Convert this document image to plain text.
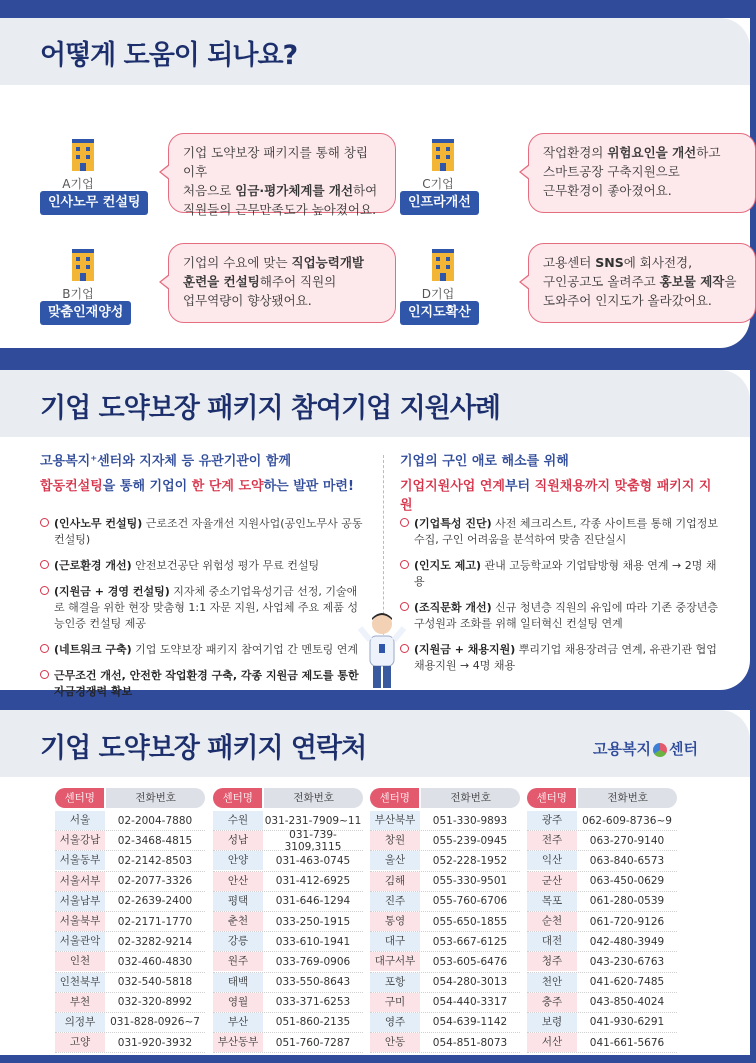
어떻게 도움이 되나요?
A기업
인사노무 컨설팅
기업 도약보장 패키지를 통해 창립 이후
처음으로 임금·평가체계를 개선하여
직원들의 근무만족도가 높아졌어요.
C기업
인프라개선
작업환경의 위험요인을 개선하고
스마트공장 구축지원으로
근무환경이 좋아졌어요.
B기업
맞춤인재양성
기업의 수요에 맞는 직업능력개발
훈련을 컨설팅해주어 직원의
업무역량이 향상됐어요.	D기업
인지도확산
고용센터 SNS에 회사전경,
구인공고도 올려주고 홍보물 제작을
도와주어 인지도가 올라갔어요.
기업 도약보장 패키지 참여기업 지원사례
고용복지⁺센터와 지자체 등 유관기관이 함께
합동컨설팅을 통해 기업이 한 단계 도약하는 발판 마련!
기업의 구인 애로 해소를 위해
기업지원사업 연계부터 직원채용까지 맞춤형 패키지 지원
(인사노무 컨설팅) 근로조건 자율개선 지원사업(공인노무사 공동 컨설팅)
(근로환경 개선) 안전보건공단 위험성 평가 무료 컨설팅
(지원금 + 경영 컨설팅) 지자체 중소기업육성기금 선정, 기술애로 해결을 위한 현장 맞춤형 1:1 자문 지원, 사업체 주요 제품 성능인증 컨설팅 제공
(네트워크 구축) 기업 도약보장 패키지 참여기업 간 멘토링 연계
근무조건 개선, 안전한 작업환경 구축, 각종 지원금 제도를 통한 자금경쟁력 확보
(기업특성 진단) 사전 체크리스트, 각종 사이트를 통해 기업정보 수집, 구인 어려움을 분석하여 맞춤 진단실시
(인지도 제고) 관내 고등학교와 기업탐방형 채용 연계 → 2명 채용
(조직문화 개선) 신규 청년층 직원의 유입에 따라 기존 중장년층 구성원과 조화를 위해 일터혁신 컨설팅 연계
(지원금 + 채용지원) 뿌리기업 채용장려금 연계, 유관기관 협업 채용지원 → 4명 채용
기업 도약보장 패키지 연락처	고용복지 센터
센터명	전화번호
서울	02-2004-7880
서울강남	02-3468-4815
서울동부	02-2142-8503
서울서부	02-2077-3326
서울남부	02-2639-2400
서울북부	02-2171-1770
서울관악	02-3282-9214
인천	032-460-4830
인천북부	032-540-5818
부천	032-320-8992
의정부	031-828-0926~7
고양	031-920-3932
센터명	전화번호
수원	031-231-7909~11
성남	031-739-3109,3115
안양	031-463-0745
안산	031-412-6925
평택	031-646-1294
춘천	033-250-1915
강릉	033-610-1941
원주	033-769-0906
태백	033-550-8643
영월	033-371-6253
부산	051-860-2135
부산동부	051-760-7287
센터명	전화번호
부산북부	051-330-9893
창원	055-239-0945
울산	052-228-1952
김해	055-330-9501
진주	055-760-6706
통영	055-650-1855
대구	053-667-6125
대구서부	053-605-6476
포항	054-280-3013
구미	054-440-3317
영주	054-639-1142
안동	054-851-8073
센터명	전화번호
광주	062-609-8736~9
전주	063-270-9140
익산	063-840-6573
군산	063-450-0629
목포	061-280-0539
순천	061-720-9126
대전	042-480-3949
청주	043-230-6763
천안	041-620-7485
충주	043-850-4024
보령	041-930-6291
서산	041-661-5676
